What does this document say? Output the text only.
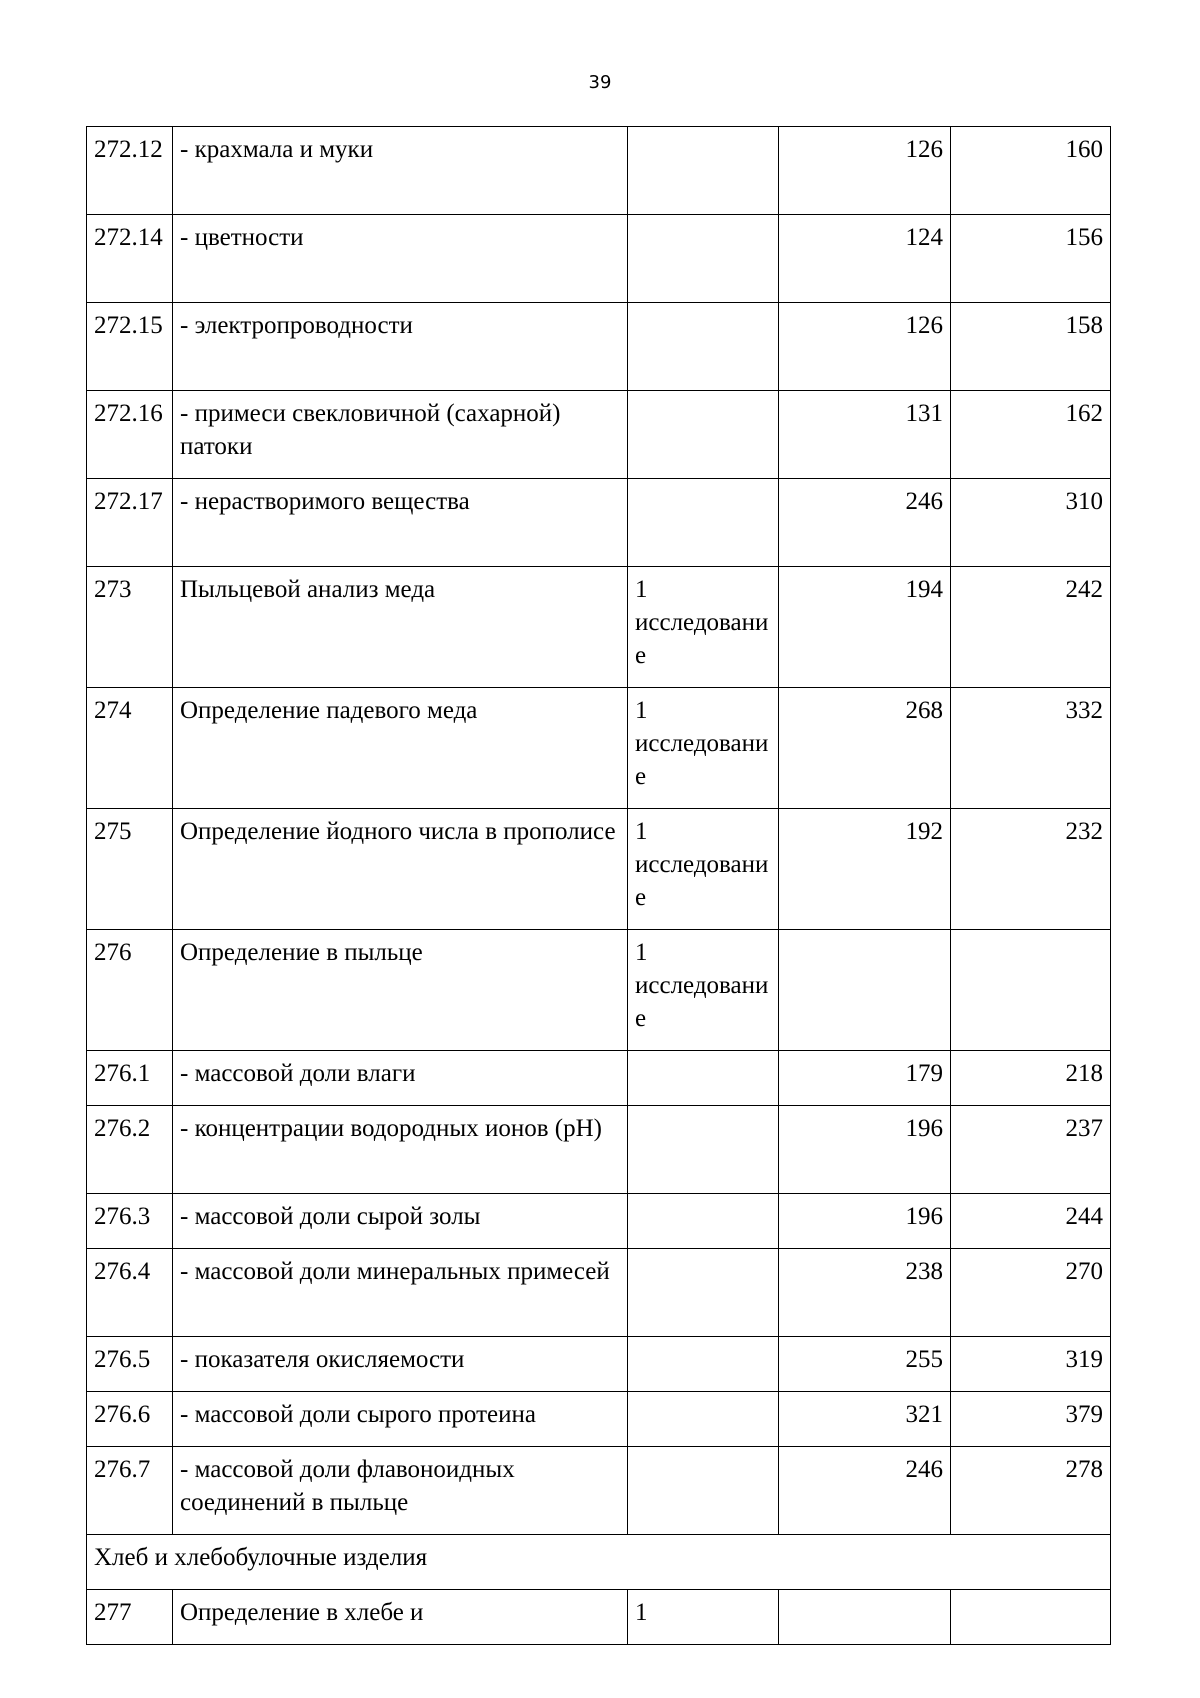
39
272.12	- крахмала и муки		126	160
272.14	- цветности		124	156
272.15	- электропроводности		126	158
272.16	- примеси свекловичной (сахарной) патоки		131	162
272.17	- нерастворимого вещества		246	310
273	Пыльцевой анализ меда	1 исследование	194	242
274	Определение падевого меда	1 исследование	268	332
275	Определение йодного числа в прополисе	1 исследование	192	232
276	Определение в пыльце	1 исследование		
276.1	- массовой доли влаги		179	218
276.2	- концентрации водородных ионов (pH)		196	237
276.3	- массовой доли сырой золы		196	244
276.4	- массовой доли минеральных примесей		238	270
276.5	- показателя окисляемости		255	319
276.6	- массовой доли сырого протеина		321	379
276.7	- массовой доли флавоноидных соединений в пыльце		246	278
Хлеб и хлебобулочные изделия				
277	Определение в хлебе и	1		
